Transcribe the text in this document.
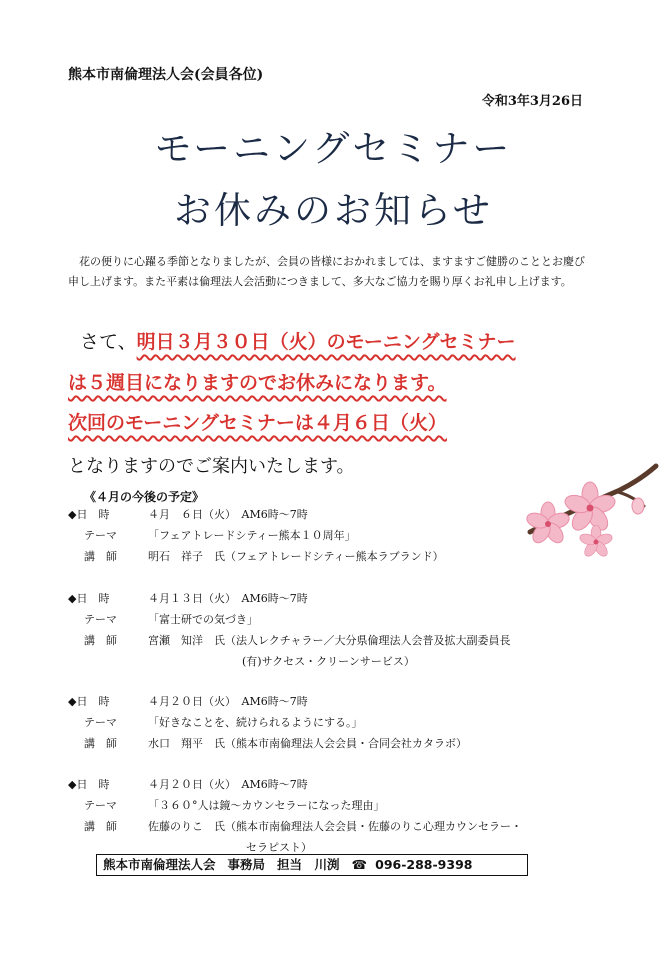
熊本市南倫理法人会(会員各位)
令和3年3月26日
モーニングセミナー
お休みのお知らせ
花の便りに心躍る季節となりましたが、会員の皆様におかれましては、ますますご健勝のこととお慶び申し上げます。また平素は倫理法人会活動につきまして、多大なご協力を賜り厚くお礼申し上げます。
さて、明日３月３０日（火）のモーニングセミナー
は５週目になりますのでお休みになります。
次回のモーニングセミナーは４月６日（火）
となりますのでご案内いたします。
《４月の今後の予定》
◆日　時	４月　６日（火）　AM6時～7時
テーマ	「フェアトレードシティー熊本１０周年」
講　師	明石　祥子　氏（フェアトレードシティー熊本ラブランド）
◆日　時	４月１３日（火）　AM6時～7時
テーマ	「富士研での気づき」
講　師	宮瀬　知洋　氏（法人レクチャラー／大分県倫理法人会普及拡大副委員長
(有)サクセス・クリーンサービス）
◆日　時	４月２０日（火）　AM6時～7時
テーマ	「好きなことを、続けられるようにする。」
講　師	水口　翔平　氏（熊本市南倫理法人会会員・合同会社カタラボ）
◆日　時	４月２０日（火）　AM6時～7時
テーマ	「３６０°人は鏡～カウンセラーになった理由」
講　師	佐藤のりこ　氏（熊本市南倫理法人会会員・佐藤のりこ心理カウンセラー・
セラピスト）
熊本市南倫理法人会 事務局 担当　川渕 ☎ 096-288-9398
